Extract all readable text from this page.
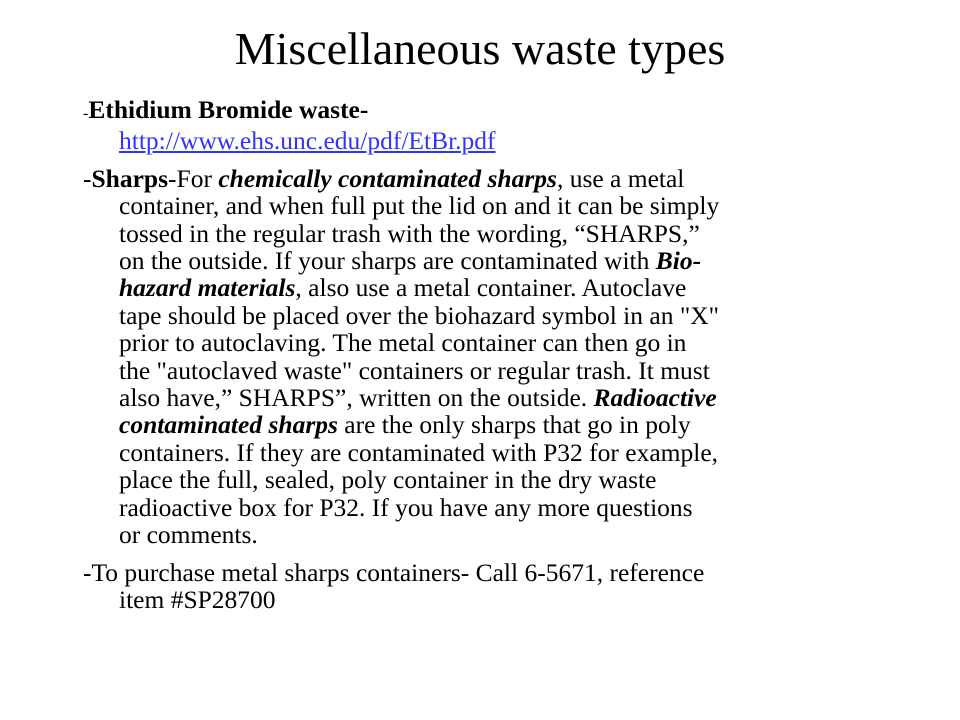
Miscellaneous waste types

-Ethidium Bromide waste-
http://www.ehs.unc.edu/pdf/EtBr.pdf

-Sharps-For chemically contaminated sharps, use a metal
container, and when full put the lid on and it can be simply
tossed in the regular trash with the wording, “SHARPS,”
on the outside. If your sharps are contaminated with Bio-
hazard materials, also use a metal container. Autoclave
tape should be placed over the biohazard symbol in an "X"
prior to autoclaving. The metal container can then go in
the "autoclaved waste" containers or regular trash. It must
also have,” SHARPS”, written on the outside. Radioactive
contaminated sharps are the only sharps that go in poly
containers. If they are contaminated with P32 for example,
place the full, sealed, poly container in the dry waste
radioactive box for P32. If you have any more questions
or comments.

-To purchase metal sharps containers- Call 6-5671, reference
item #SP28700
